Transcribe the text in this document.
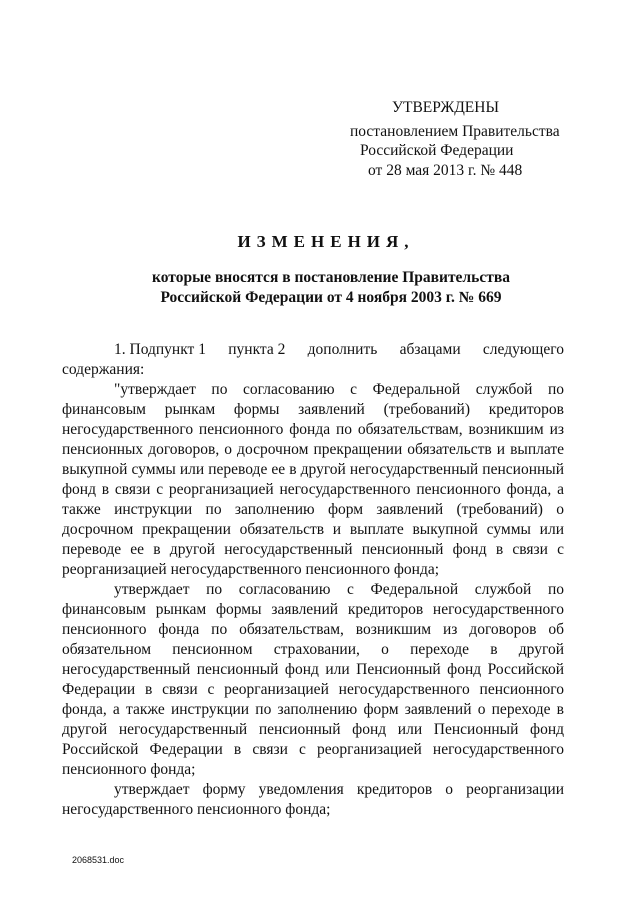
УТВЕРЖДЕНЫ
постановлением Правительства
Российской Федерации
от 28 мая 2013 г. № 448
ИЗМЕНЕНИЯ,
которые вносятся в постановление Правительства
Российской Федерации от 4 ноября 2003 г. № 669
1. Подпункт 1 пункта 2 дополнить абзацами следующего

содержания:

"утверждает по согласованию с Федеральной службой по финансовым рынкам формы заявлений (требований) кредиторов негосударственного пенсионного фонда по обязательствам, возникшим из пенсионных договоров, о досрочном прекращении обязательств и выплате выкупной суммы или переводе ее в другой негосударственный пенсионный фонд в связи с реорганизацией негосударственного пенсионного фонда, а также инструкции по заполнению форм заявлений (требований) о досрочном прекращении обязательств и выплате выкупной суммы или переводе ее в другой негосударственный пенсионный фонд в связи с реорганизацией негосударственного пенсионного фонда;

утверждает по согласованию с Федеральной службой по финансовым рынкам формы заявлений кредиторов негосударственного пенсионного фонда по обязательствам, возникшим из договоров об обязательном пенсионном страховании, о переходе в другой негосударственный пенсионный фонд или Пенсионный фонд Российской Федерации в связи с реорганизацией негосударственного пенсионного фонда, а также инструкции по заполнению форм заявлений о переходе в другой негосударственный пенсионный фонд или Пенсионный фонд Российской Федерации в связи с реорганизацией негосударственного пенсионного фонда;

утверждает форму уведомления кредиторов о реорганизации негосударственного пенсионного фонда;

2068531.doc
